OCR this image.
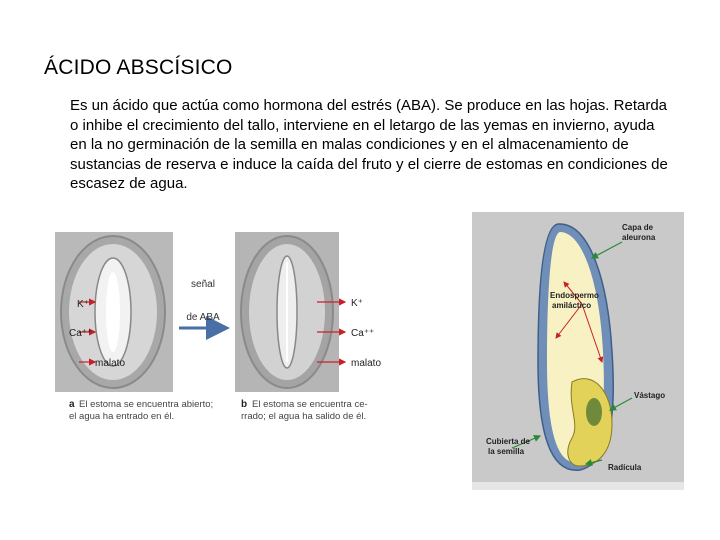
ÁCIDO ABSCÍSICO
Es un ácido que actúa como hormona del estrés (ABA). Se produce en las hojas. Retarda o inhibe el crecimiento del tallo, interviene en el letargo de las yemas en invierno, ayuda en la no germinación de la semilla en malas condiciones y en el almacenamiento de sustancias de reserva e induce la caída del fruto y el cierre de estomas en condiciones de escasez de agua.
señal
de ABA
K⁺
Ca⁺⁺
malato
K⁺
Ca⁺⁺
malato
a El estoma se encuentra abierto;
el agua ha entrado en él.
b El estoma se encuentra ce-
rrado; el agua ha salido de él.
Capa de
aleurona
Endospermo
amiláctico
Vástago
Cubierta de
la semilla
Radícula
